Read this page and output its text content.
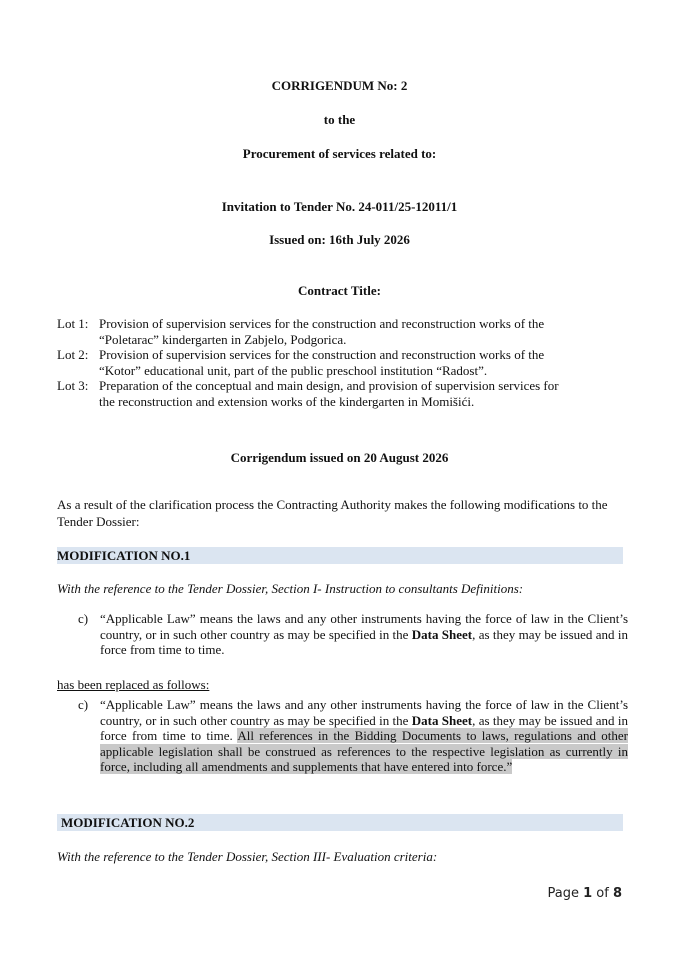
CORRIGENDUM No: 2
to the
Procurement of services related to:
Invitation to Tender No. 24-011/25-12011/1
Issued on: 16th July 2026
Contract Title:
Lot 1: Provision of supervision services for the construction and reconstruction works of the
“Poletarac” kindergarten in Zabjelo, Podgorica.
Lot 2: Provision of supervision services for the construction and reconstruction works of the
“Kotor” educational unit, part of the public preschool institution “Radost”.
Lot 3: Preparation of the conceptual and main design, and provision of supervision services for
the reconstruction and extension works of the kindergarten in Momišići.
Corrigendum issued on 20 August 2026
As a result of the clarification process the Contracting Authority makes the following modifications to the Tender Dossier:
MODIFICATION NO.1
With the reference to the Tender Dossier, Section I- Instruction to consultants Definitions:
c) “Applicable Law” means the laws and any other instruments having the force of law in the Client’s country, or in such other country as may be specified in the Data Sheet, as they may be issued and in force from time to time.
has been replaced as follows:
c) “Applicable Law” means the laws and any other instruments having the force of law in the Client’s country, or in such other country as may be specified in the Data Sheet, as they may be issued and in force from time to time. All references in the Bidding Documents to laws, regulations and other applicable legislation shall be construed as references to the respective legislation as currently in force, including all amendments and supplements that have entered into force.”
MODIFICATION NO.2
With the reference to the Tender Dossier, Section III- Evaluation criteria:
Page 1 of 8
